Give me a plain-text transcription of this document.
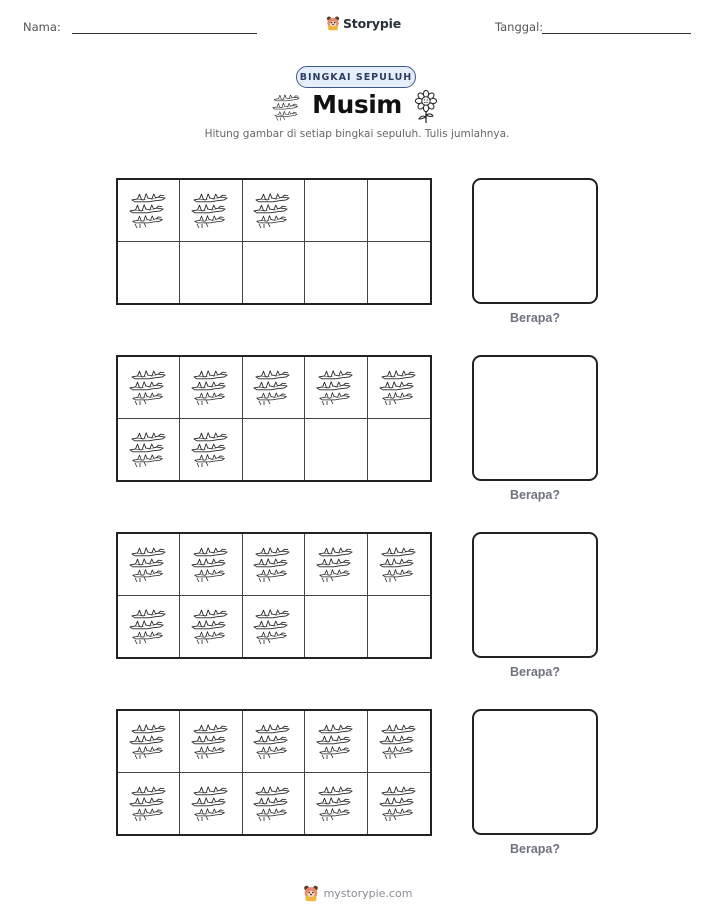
Nama:	Storypie	Tanggal:
BINGKAI SEPULUH
Musim
Hitung gambar di setiap bingkai sepuluh. Tulis jumlahnya.
Berapa?
Berapa?
Berapa?
Berapa?
mystorypie.com
